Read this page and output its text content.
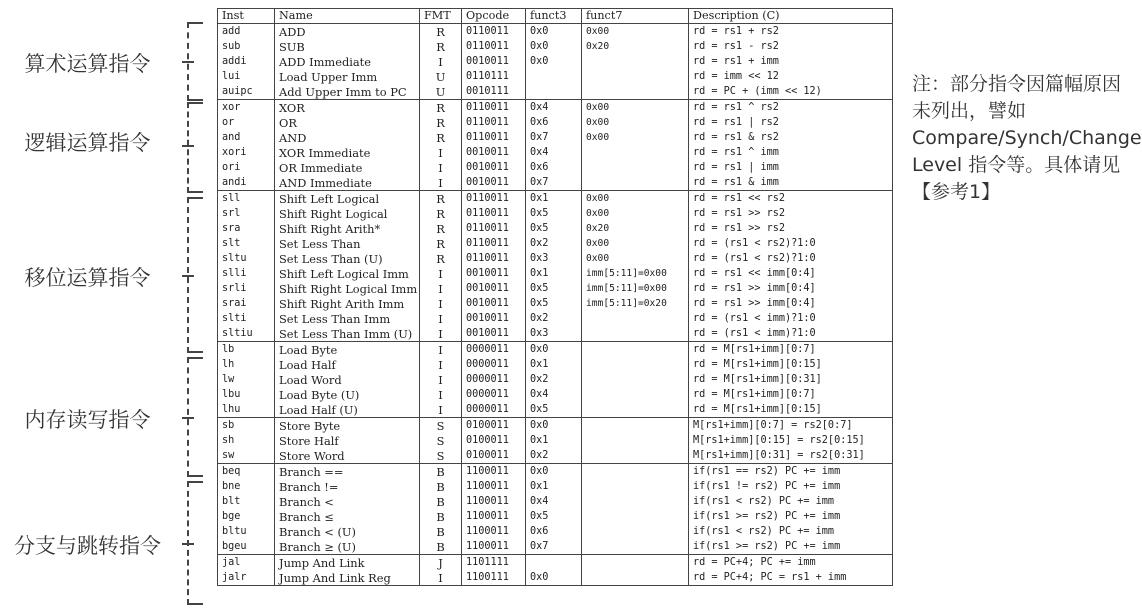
算术运算指令
逻辑运算指令
移位运算指令
内存读写指令
分支与跳转指令
Inst	Name	FMT	Opcode	funct3	funct7	Description (C)
add	ADD	R	0110011	0x0	0x00	rd = rs1 + rs2
sub	SUB	R	0110011	0x0	0x20	rd = rs1 - rs2
addi	ADD Immediate	I	0010011	0x0		rd = rs1 + imm
lui	Load Upper Imm	U	0110111			rd = imm << 12
auipc	Add Upper Imm to PC	U	0010111			rd = PC + (imm << 12)
xor	XOR	R	0110011	0x4	0x00	rd = rs1 ^ rs2
or	OR	R	0110011	0x6	0x00	rd = rs1 | rs2
and	AND	R	0110011	0x7	0x00	rd = rs1 & rs2
xori	XOR Immediate	I	0010011	0x4		rd = rs1 ^ imm
ori	OR Immediate	I	0010011	0x6		rd = rs1 | imm
andi	AND Immediate	I	0010011	0x7		rd = rs1 & imm
sll	Shift Left Logical	R	0110011	0x1	0x00	rd = rs1 << rs2
srl	Shift Right Logical	R	0110011	0x5	0x00	rd = rs1 >> rs2
sra	Shift Right Arith*	R	0110011	0x5	0x20	rd = rs1 >> rs2
slt	Set Less Than	R	0110011	0x2	0x00	rd = (rs1 < rs2)?1:0
sltu	Set Less Than (U)	R	0110011	0x3	0x00	rd = (rs1 < rs2)?1:0
slli	Shift Left Logical Imm	I	0010011	0x1	imm[5:11]=0x00	rd = rs1 << imm[0:4]
srli	Shift Right Logical Imm	I	0010011	0x5	imm[5:11]=0x00	rd = rs1 >> imm[0:4]
srai	Shift Right Arith Imm	I	0010011	0x5	imm[5:11]=0x20	rd = rs1 >> imm[0:4]
slti	Set Less Than Imm	I	0010011	0x2		rd = (rs1 < imm)?1:0
sltiu	Set Less Than Imm (U)	I	0010011	0x3		rd = (rs1 < imm)?1:0
lb	Load Byte	I	0000011	0x0		rd = M[rs1+imm][0:7]
lh	Load Half	I	0000011	0x1		rd = M[rs1+imm][0:15]
lw	Load Word	I	0000011	0x2		rd = M[rs1+imm][0:31]
lbu	Load Byte (U)	I	0000011	0x4		rd = M[rs1+imm][0:7]
lhu	Load Half (U)	I	0000011	0x5		rd = M[rs1+imm][0:15]
sb	Store Byte	S	0100011	0x0		M[rs1+imm][0:7] = rs2[0:7]
sh	Store Half	S	0100011	0x1		M[rs1+imm][0:15] = rs2[0:15]
sw	Store Word	S	0100011	0x2		M[rs1+imm][0:31] = rs2[0:31]
beq	Branch ==	B	1100011	0x0		if(rs1 == rs2) PC += imm
bne	Branch !=	B	1100011	0x1		if(rs1 != rs2) PC += imm
blt	Branch <	B	1100011	0x4		if(rs1 < rs2) PC += imm
bge	Branch ≤	B	1100011	0x5		if(rs1 >= rs2) PC += imm
bltu	Branch < (U)	B	1100011	0x6		if(rs1 < rs2) PC += imm
bgeu	Branch ≥ (U)	B	1100011	0x7		if(rs1 >= rs2) PC += imm
jal	Jump And Link	J	1101111			rd = PC+4; PC += imm
jalr	Jump And Link Reg	I	1100111	0x0		rd = PC+4; PC = rs1 + imm
注：部分指令因篇幅原因未列出，譬如Compare/Synch/Change Level 指令等。具体请见 【参考1】
